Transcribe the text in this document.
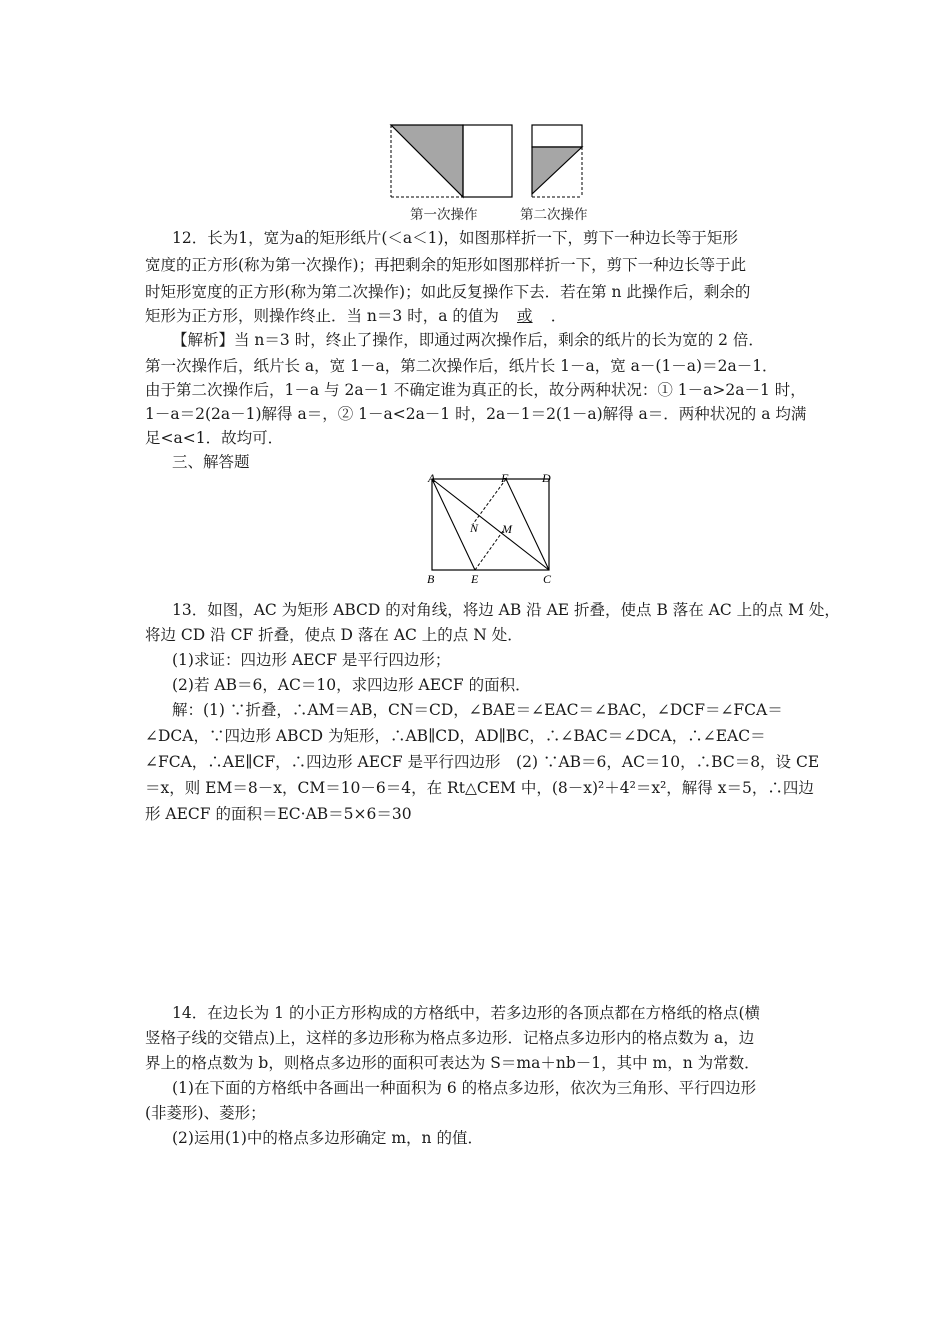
第一次操作	第二次操作
12．长为1，宽为a的矩形纸片(＜a＜1)，如图那样折一下，剪下一种边长等于矩形
宽度的正方形(称为第一次操作)；再把剩余的矩形如图那样折一下，剪下一种边长等于此
时矩形宽度的正方形(称为第二次操作)；如此反复操作下去．若在第 n 此操作后，剩余的
矩形为正方形，则操作终止．当 n＝3 时，a 的值为 或 ．
【解析】当 n＝3 时，终止了操作，即通过两次操作后，剩余的纸片的长为宽的 2 倍．
第一次操作后，纸片长 a，宽 1－a，第二次操作后，纸片长 1－a，宽 a－(1－a)＝2a－1．
由于第二次操作后，1－a 与 2a－1 不确定谁为真正的长，故分两种状况：① 1－a>2a－1 时，
1－a＝2(2a－1)解得 a＝，② 1－a<2a－1 时，2a－1＝2(1－a)解得 a＝．两种状况的 a 均满
足<a<1．故均可．
三、解答题
A	F	D
N M
B	E	C
13．如图，AC 为矩形 ABCD 的对角线，将边 AB 沿 AE 折叠，使点 B 落在 AC 上的点 M 处，
将边 CD 沿 CF 折叠，使点 D 落在 AC 上的点 N 处．
(1)求证：四边形 AECF 是平行四边形；
(2)若 AB＝6，AC＝10，求四边形 AECF 的面积．
解：(1) ∵折叠，∴AM＝AB，CN＝CD，∠BAE＝∠EAC＝∠BAC，∠DCF＝∠FCA＝
∠DCA，∵四边形 ABCD 为矩形，∴AB∥CD，AD∥BC，∴∠BAC＝∠DCA，∴∠EAC＝
∠FCA，∴AE∥CF，∴四边形 AECF 是平行四边形　(2) ∵AB＝6，AC＝10，∴BC＝8，设 CE
＝x，则 EM＝8－x，CM＝10－6＝4，在 Rt△CEM 中，(8－x)²＋4²＝x²，解得 x＝5，∴四边
形 AECF 的面积＝EC·AB＝5×6＝30
14．在边长为 1 的小正方形构成的方格纸中，若多边形的各顶点都在方格纸的格点(横
竖格子线的交错点)上，这样的多边形称为格点多边形．记格点多边形内的格点数为 a，边
界上的格点数为 b，则格点多边形的面积可表达为 S＝ma＋nb－1，其中 m，n 为常数．
(1)在下面的方格纸中各画出一种面积为 6 的格点多边形，依次为三角形、平行四边形
(非菱形)、菱形；
(2)运用(1)中的格点多边形确定 m，n 的值．
